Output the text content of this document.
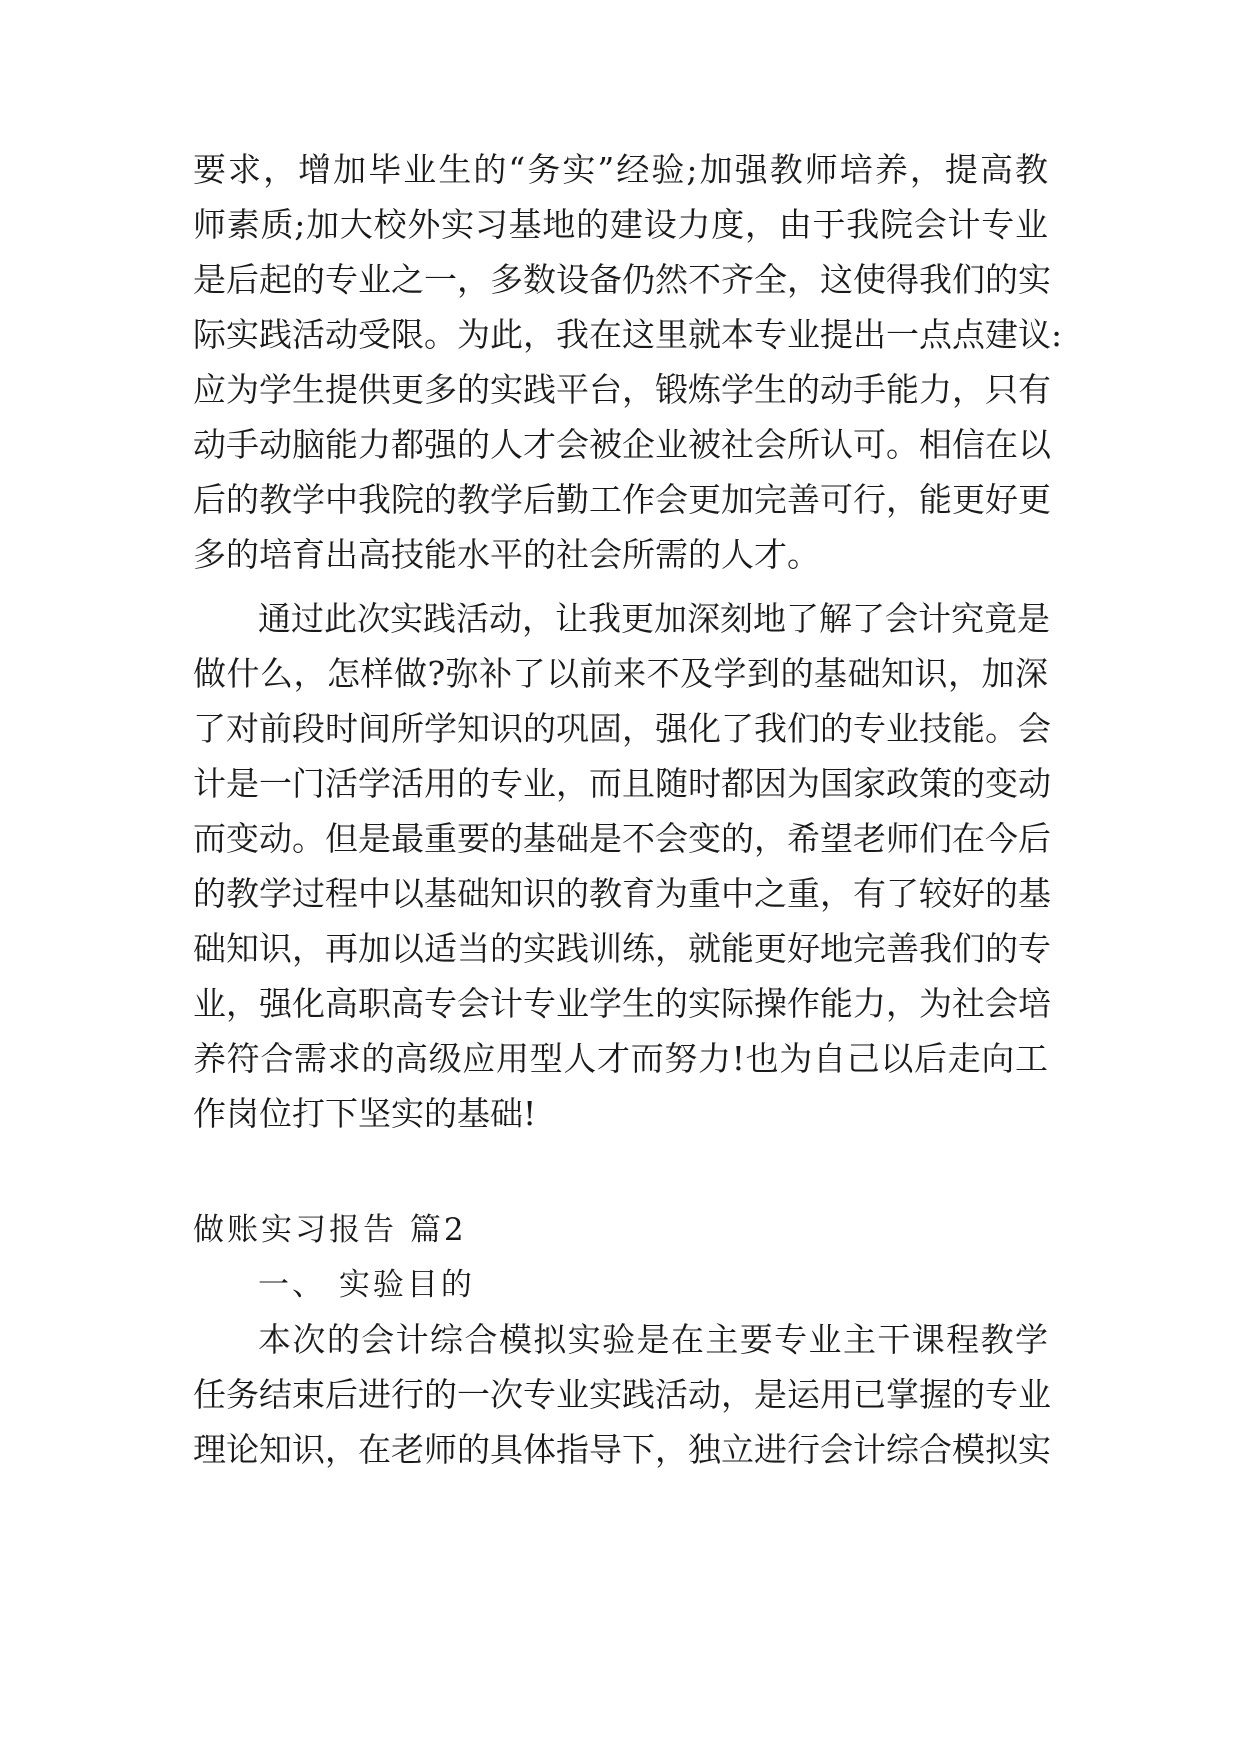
要求，增加毕业生的“务实”经验;加强教师培养，提高教
师素质;加大校外实习基地的建设力度，由于我院会计专业
是后起的专业之一，多数设备仍然不齐全，这使得我们的实
际实践活动受限。为此，我在这里就本专业提出一点点建议:
应为学生提供更多的实践平台，锻炼学生的动手能力，只有
动手动脑能力都强的人才会被企业被社会所认可。相信在以
后的教学中我院的教学后勤工作会更加完善可行，能更好更
多的培育出高技能水平的社会所需的人才。
通过此次实践活动，让我更加深刻地了解了会计究竟是
做什么，怎样做?弥补了以前来不及学到的基础知识，加深
了对前段时间所学知识的巩固，强化了我们的专业技能。会
计是一门活学活用的专业，而且随时都因为国家政策的变动
而变动。但是最重要的基础是不会变的，希望老师们在今后
的教学过程中以基础知识的教育为重中之重，有了较好的基
础知识，再加以适当的实践训练，就能更好地完善我们的专
业，强化高职高专会计专业学生的实际操作能力，为社会培
养符合需求的高级应用型人才而努力!也为自己以后走向工
作岗位打下坚实的基础!
做账实习报告 篇2
一、 实验目的
本次的会计综合模拟实验是在主要专业主干课程教学
任务结束后进行的一次专业实践活动，是运用已掌握的专业
理论知识，在老师的具体指导下，独立进行会计综合模拟实
